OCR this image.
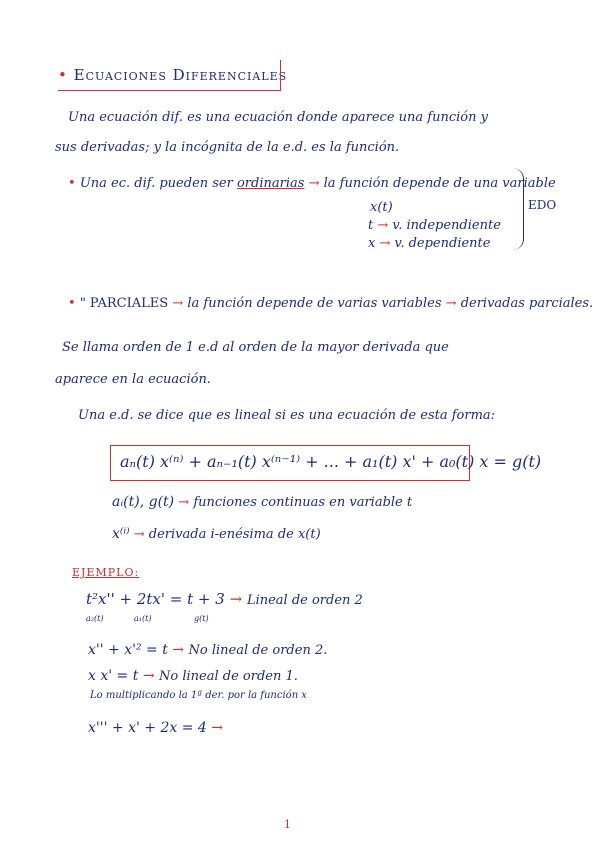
• Ecuaciones Diferenciales
Una ecuación dif. es una ecuación donde aparece una función y
sus derivadas; y la incógnita de la e.d. es la función.
• Una ec. dif. pueden ser ordinarias → la función depende de una variable
x(t)
t → v. independiente
x → v. dependiente
EDO
• " PARCIALES → la función depende de varias variables → derivadas parciales.
Se llama orden de 1 e.d al orden de la mayor derivada que
aparece en la ecuación.
Una e.d. se dice que es lineal si es una ecuación de esta forma:
aₙ(t) x⁽ⁿ⁾ + aₙ₋₁(t) x⁽ⁿ⁻¹⁾ + ... + a₁(t) x' + a₀(t) x = g(t)
aᵢ(t), g(t) → funciones continuas en variable t
x⁽ⁱ⁾ → derivada i-enésima de x(t)
EJEMPLO:
t²x'' + 2tx' = t + 3 → Lineal de orden 2
a₂(t)	a₁(t)	g(t)
x'' + x'² = t → No lineal de orden 2.
x x' = t → No lineal de orden 1.
Lo multiplicando la 1ª der. por la función x
x''' + x' + 2x = 4 →
1
